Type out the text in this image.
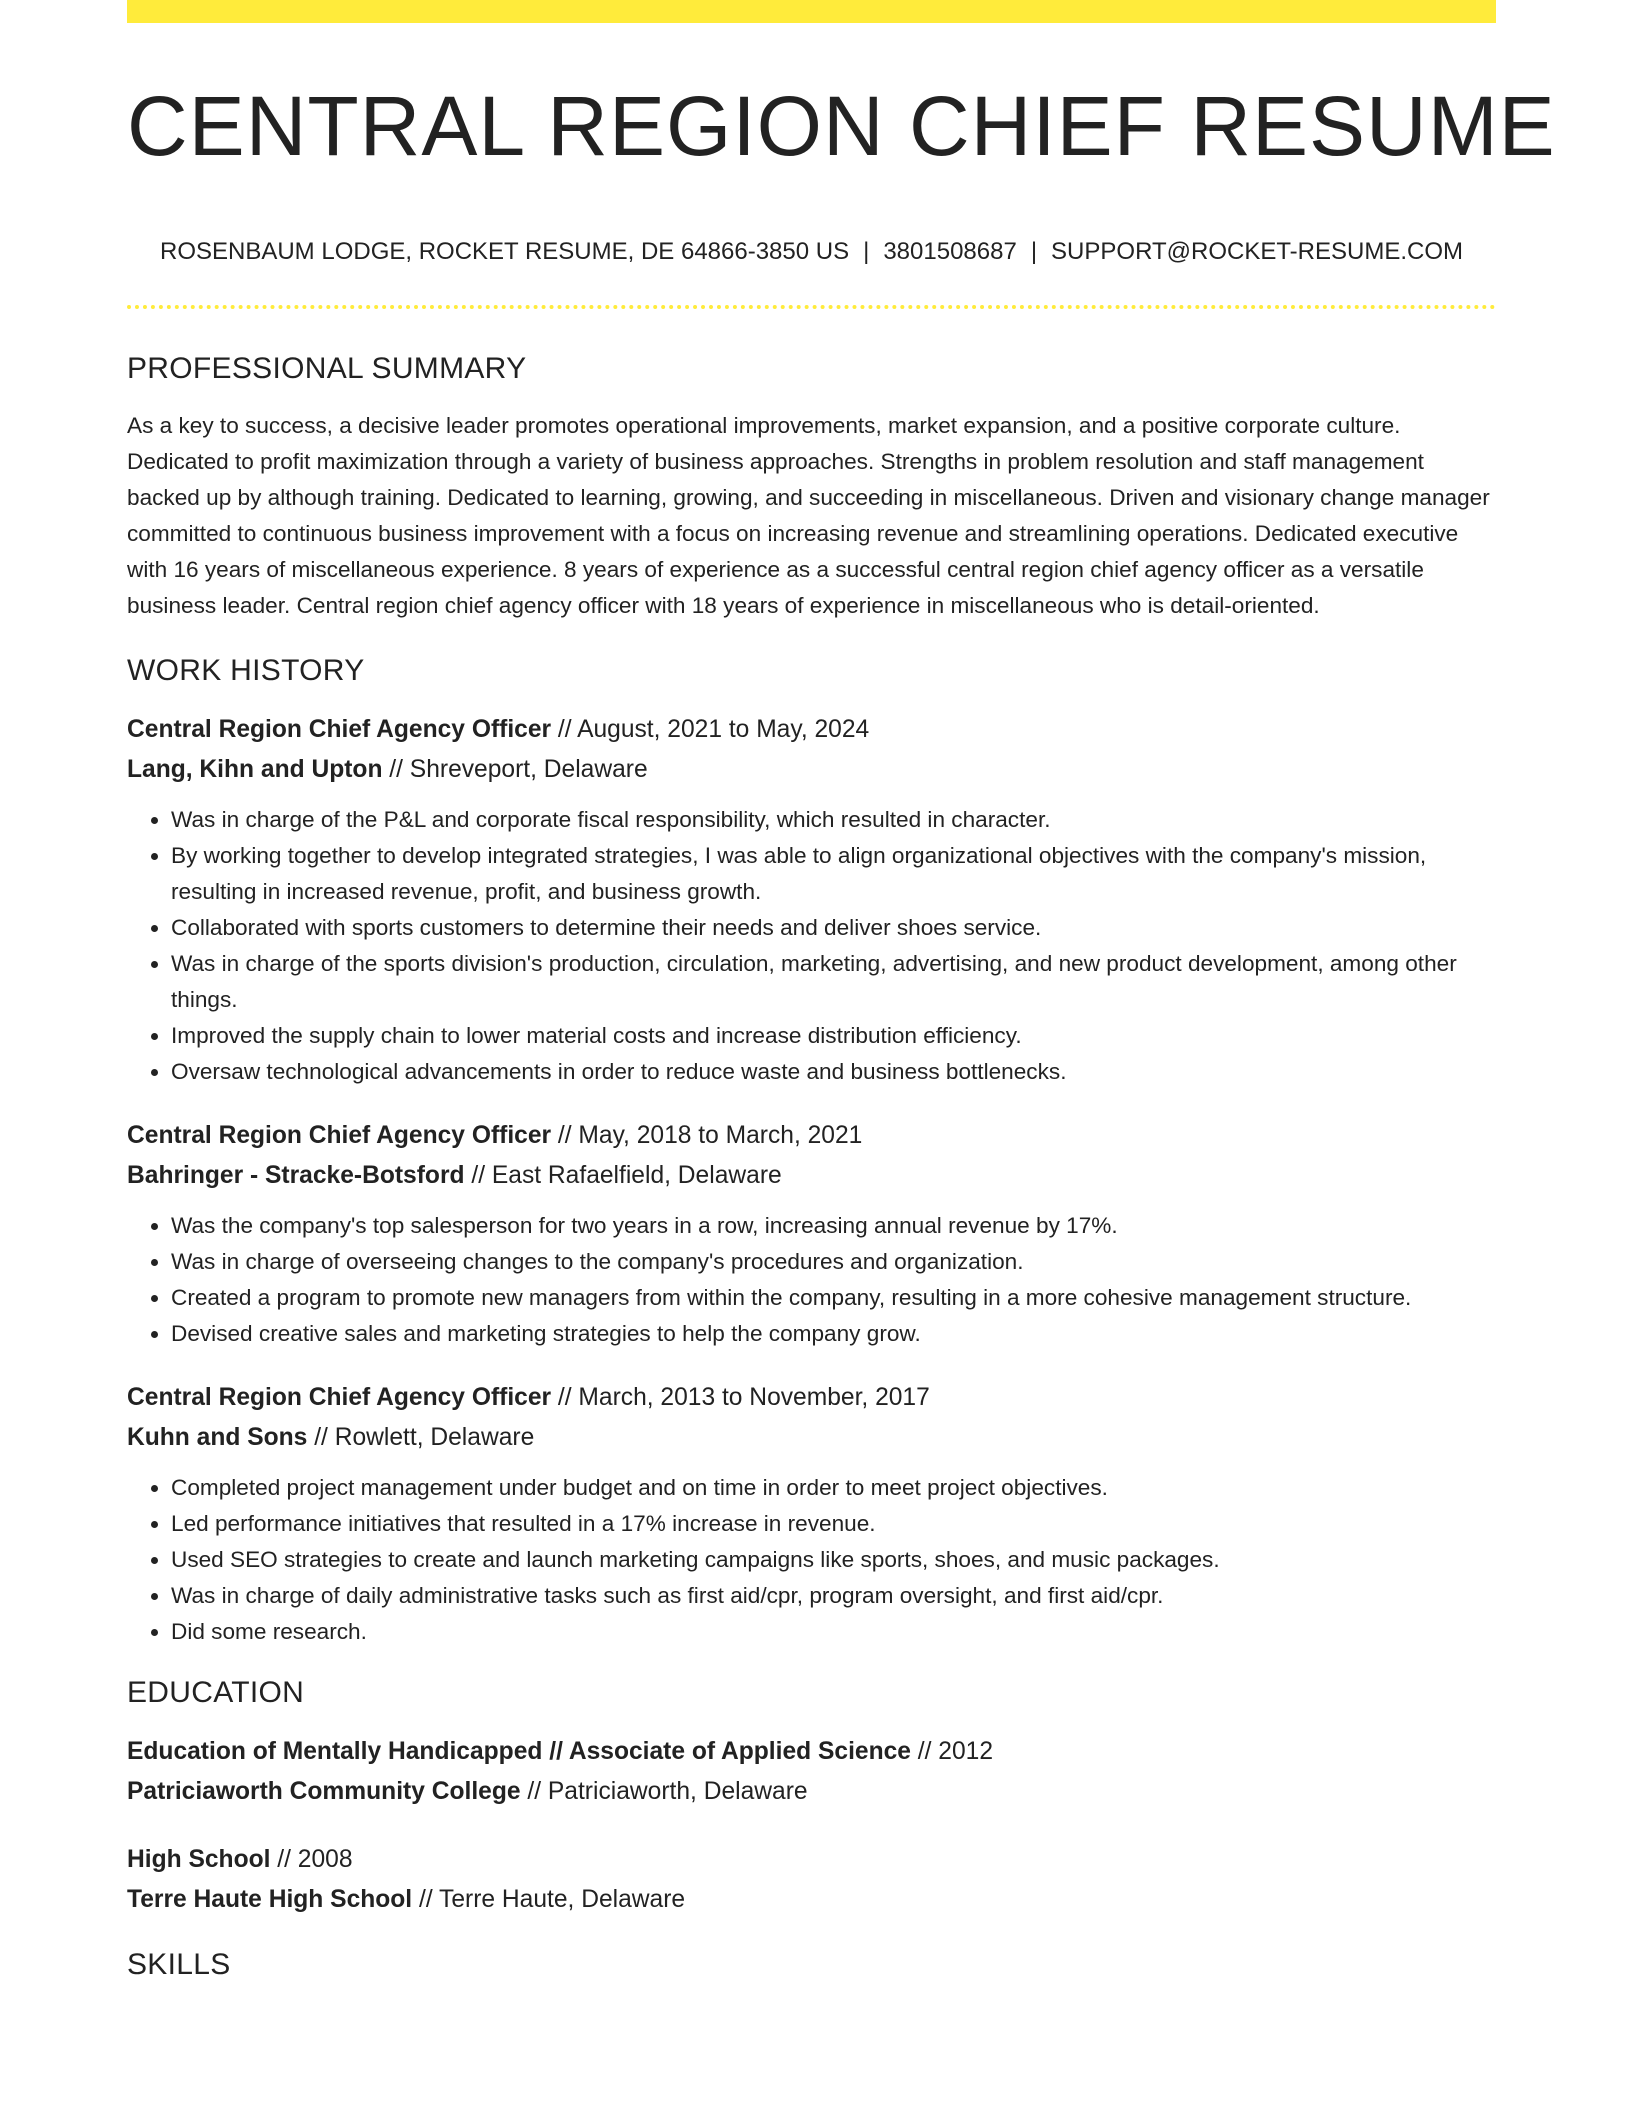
CENTRAL REGION CHIEF RESUME
ROSENBAUM LODGE, ROCKET RESUME, DE 64866-3850 US | 3801508687 | SUPPORT@ROCKET-RESUME.COM
PROFESSIONAL SUMMARY

As a key to success, a decisive leader promotes operational improvements, market expansion, and a positive corporate culture. Dedicated to profit maximization through a variety of business approaches. Strengths in problem resolution and staff management backed up by although training. Dedicated to learning, growing, and succeeding in miscellaneous. Driven and visionary change manager committed to continuous business improvement with a focus on increasing revenue and streamlining operations. Dedicated executive with 16 years of miscellaneous experience. 8 years of experience as a successful central region chief agency officer as a versatile business leader. Central region chief agency officer with 18 years of experience in miscellaneous who is detail-oriented.

WORK HISTORY
Central Region Chief Agency Officer // August, 2021 to May, 2024
Lang, Kihn and Upton // Shreveport, Delaware
• Was in charge of the P&L and corporate fiscal responsibility, which resulted in character.
• By working together to develop integrated strategies, I was able to align organizational objectives with the company's mission, resulting in increased revenue, profit, and business growth.
• Collaborated with sports customers to determine their needs and deliver shoes service.
• Was in charge of the sports division's production, circulation, marketing, advertising, and new product development, among other things.
• Improved the supply chain to lower material costs and increase distribution efficiency.
• Oversaw technological advancements in order to reduce waste and business bottlenecks.
Central Region Chief Agency Officer // May, 2018 to March, 2021
Bahringer - Stracke-Botsford // East Rafaelfield, Delaware
• Was the company's top salesperson for two years in a row, increasing annual revenue by 17%.
• Was in charge of overseeing changes to the company's procedures and organization.
• Created a program to promote new managers from within the company, resulting in a more cohesive management structure.
• Devised creative sales and marketing strategies to help the company grow.
Central Region Chief Agency Officer // March, 2013 to November, 2017
Kuhn and Sons // Rowlett, Delaware
• Completed project management under budget and on time in order to meet project objectives.
• Led performance initiatives that resulted in a 17% increase in revenue.
• Used SEO strategies to create and launch marketing campaigns like sports, shoes, and music packages.
• Was in charge of daily administrative tasks such as first aid/cpr, program oversight, and first aid/cpr.
• Did some research.
EDUCATION
Education of Mentally Handicapped // Associate of Applied Science // 2012
Patriciaworth Community College // Patriciaworth, Delaware
High School // 2008
Terre Haute High School // Terre Haute, Delaware
SKILLS
